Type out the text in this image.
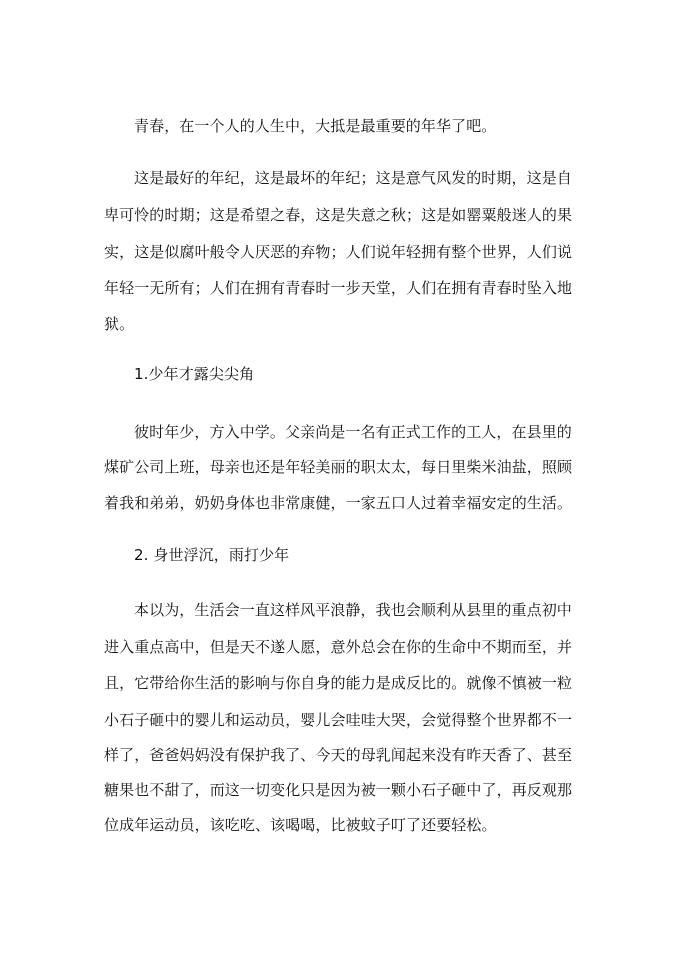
青春，在一个人的人生中，大抵是最重要的年华了吧。
这是最好的年纪，这是最坏的年纪；这是意气风发的时期，这是自
卑可怜的时期；这是希望之春，这是失意之秋；这是如罂粟般迷人的果
实，这是似腐叶般令人厌恶的弃物；人们说年轻拥有整个世界，人们说
年轻一无所有；人们在拥有青春时一步天堂，人们在拥有青春时坠入地
狱。
1.少年才露尖尖角
彼时年少，方入中学。父亲尚是一名有正式工作的工人，在县里的
煤矿公司上班，母亲也还是年轻美丽的职太太，每日里柴米油盐，照顾
着我和弟弟，奶奶身体也非常康健，一家五口人过着幸福安定的生活。
2. 身世浮沉，雨打少年
本以为，生活会一直这样风平浪静，我也会顺利从县里的重点初中
进入重点高中，但是天不遂人愿，意外总会在你的生命中不期而至，并
且，它带给你生活的影响与你自身的能力是成反比的。就像不慎被一粒
小石子砸中的婴儿和运动员，婴儿会哇哇大哭，会觉得整个世界都不一
样了，爸爸妈妈没有保护我了、今天的母乳闻起来没有昨天香了、甚至
糖果也不甜了，而这一切变化只是因为被一颗小石子砸中了，再反观那
位成年运动员，该吃吃、该喝喝，比被蚊子叮了还要轻松。
